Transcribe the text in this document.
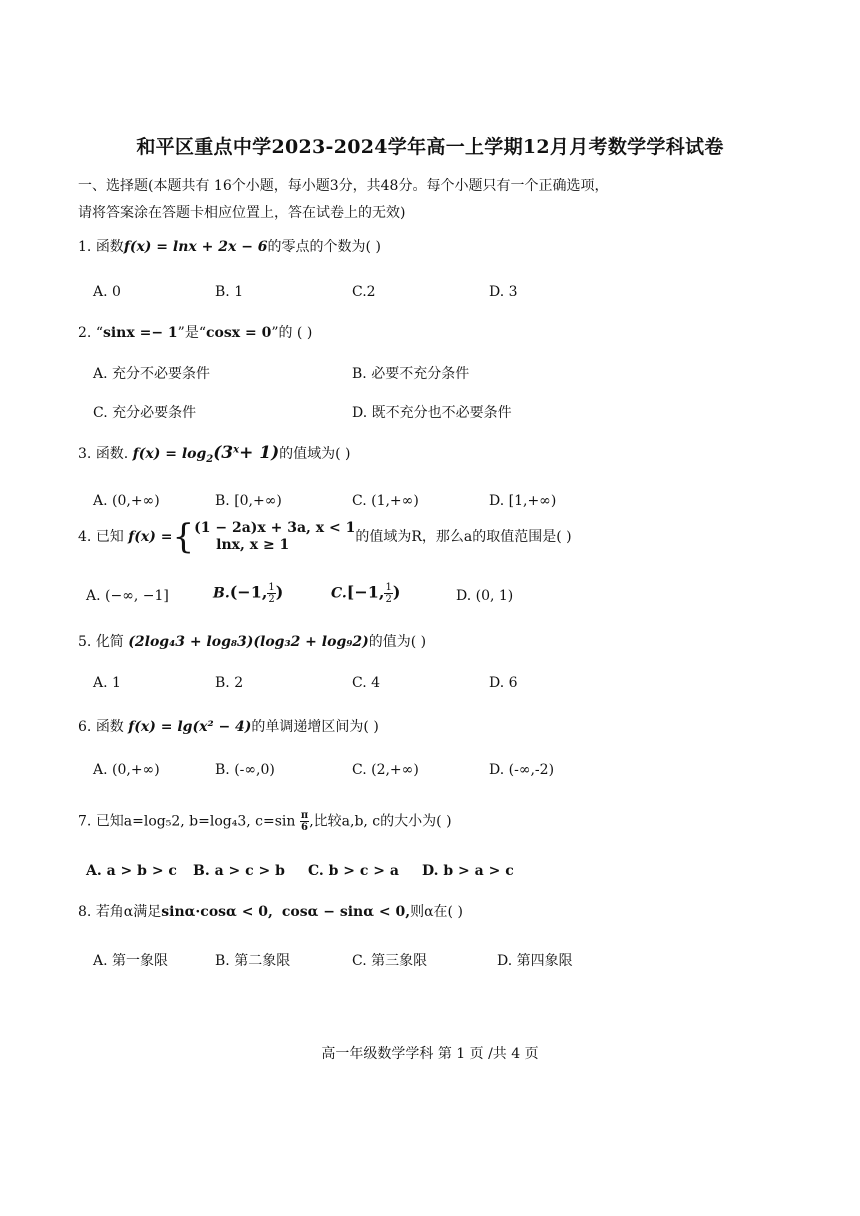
和平区重点中学2023-2024学年高一上学期12月月考数学学科试卷
一、选择题(本题共有 16个小题，每小题3分，共48分。每个小题只有一个正确选项，
请将答案涂在答题卡相应位置上，答在试卷上的无效)
1. 函数f(x) = lnx + 2x − 6的零点的个数为( )
A. 0	B. 1	C.2	D. 3
2. “sinx =− 1”是“cosx = 0”的 ( )
A. 充分不必要条件	B. 必要不充分条件
C. 充分必要条件	D. 既不充分也不必要条件
3. 函数. $f(x) = \log_2(3^x+ 1)$的值域为( )
A. (0,+∞)	B. [0,+∞)	C. (1,+∞)	D. [1,+∞)
4. 已知 f(x) ={ (1 − 2a)x + 3a, x < 1
lnx, x ≥ 1	的值域为R，那么a的取值范围是( )
A. (−∞, −1]	B.(−1, $\frac{1}{2}$ )	C.[−1, $\frac{1}{2}$ )	D. (0, 1)
5. 化简 (2log₄3 + log₈3)(log₃2 + log₉2)的值为( )
A. 1	B. 2	C. 4	D. 6
6. 函数 f(x) = lg(x² − 4)的单调递增区间为( )
A. (0,+∞)	B. (-∞,0)	C. (2,+∞)	D. (-∞,-2)
7. 已知a=log₅2, b=log₄3, $c=\sin \frac{\pi}{6}$ ,比较a,b, c的大小为( )
A. a > b > c B. a > c > b C. b > c > a D. b > a > c
8. 若角α满足sinα·cosα < 0, cosα − sinα < 0,则α在( )
A. 第一象限	B. 第二象限	C. 第三象限	D. 第四象限
高一年级数学学科 第 1 页 /共 4 页
